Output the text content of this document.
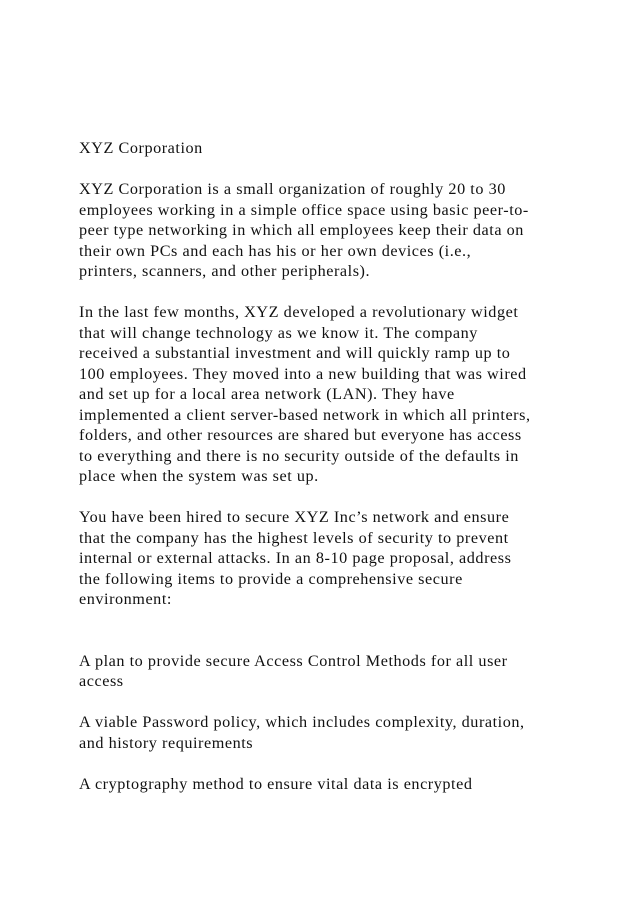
XYZ Corporation

XYZ Corporation is a small organization of roughly 20 to 30
employees working in a simple office space using basic peer-to-
peer type networking in which all employees keep their data on
their own PCs and each has his or her own devices (i.e.,
printers, scanners, and other peripherals).

In the last few months, XYZ developed a revolutionary widget
that will change technology as we know it. The company
received a substantial investment and will quickly ramp up to
100 employees. They moved into a new building that was wired
and set up for a local area network (LAN). They have
implemented a client server-based network in which all printers,
folders, and other resources are shared but everyone has access
to everything and there is no security outside of the defaults in
place when the system was set up.

You have been hired to secure XYZ Inc’s network and ensure
that the company has the highest levels of security to prevent
internal or external attacks. In an 8-10 page proposal, address
the following items to provide a comprehensive secure
environment:

A plan to provide secure Access Control Methods for all user
access

A viable Password policy, which includes complexity, duration,
and history requirements

A cryptography method to ensure vital data is encrypted
